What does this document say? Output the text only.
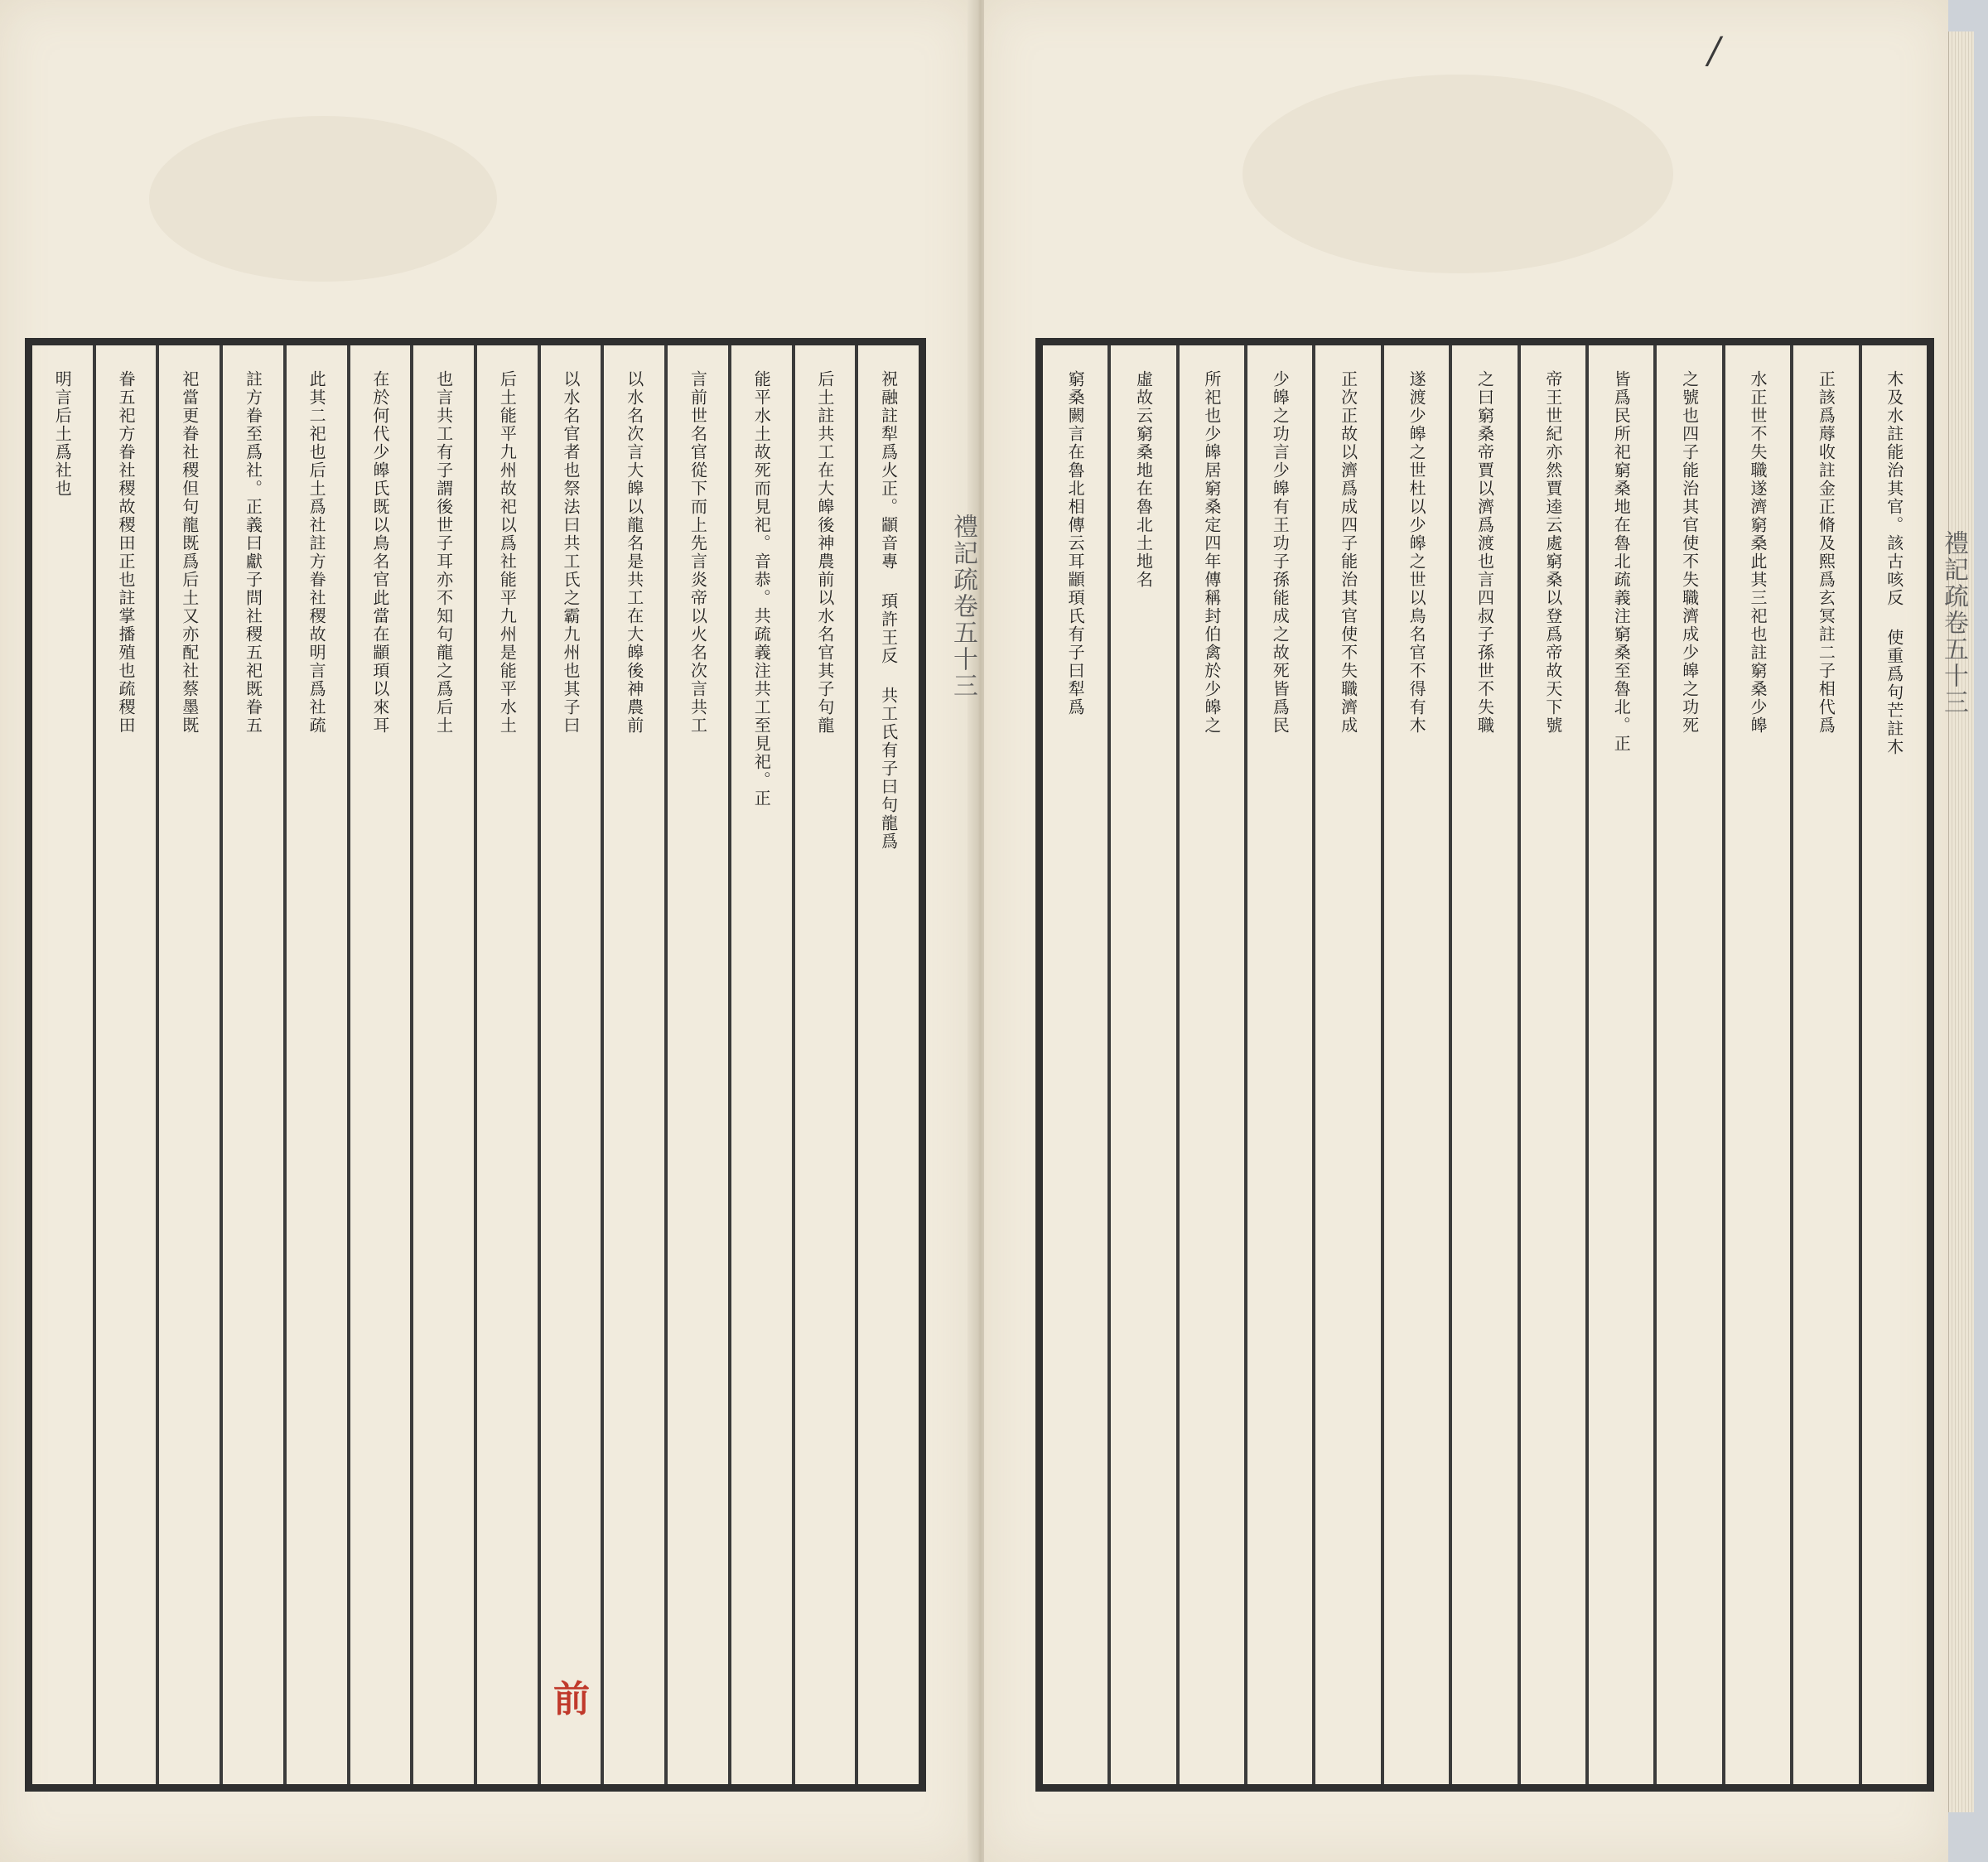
/
祝融註犁爲火正。顓音專 頊許王反 共工氏有子曰句龍爲
后土註共工在大皞後神農前以水名官其子句龍
能平水土故死而見祀。音恭。共疏義注共工至見祀。正
言前世名官從下而上先言炎帝以火名次言共工
以水名次言大皞以龍名是共工在大皞後神農前
以水名官者也祭法曰共工氏之霸九州也其子曰
后土能平九州故祀以爲社能平九州是能平水土
也言共工有子謂後世子耳亦不知句龍之爲后土
在於何代少皞氏既以鳥名官此當在顓頊以來耳
此其二祀也后土爲社註方眷社稷故明言爲社疏
註方眷至爲社。正義曰獻子問社稷五祀既眷五
祀當更眷社稷但句龍既爲后土又亦配社蔡墨既
眷五祀方眷社稷故稷田正也註掌播殖也疏稷田
明言后土爲社也	木及水註能治其官。該古咳反 使重爲句芒註木
正該爲蓐收註金正脩及熙爲玄冥註二子相代爲
水正世不失職遂濟窮桑此其三祀也註窮桑少皞
之號也四子能治其官使不失職濟成少皞之功死
皆爲民所祀窮桑地在魯北疏義注窮桑至魯北。正
帝王世紀亦然賈逵云處窮桑以登爲帝故天下號
之曰窮桑帝賈以濟爲渡也言四叔子孫世不失職
遂渡少皞之世杜以少皞之世以鳥名官不得有木
正次正故以濟爲成四子能治其官使不失職濟成
少皞之功言少皞有王功子孫能成之故死皆爲民
所祀也少皞居窮桑定四年傳稱封伯禽於少皞之
虛故云窮桑地在魯北土地名
窮桑闕言在魯北相傳云耳顓頊氏有子曰犁爲
禮記疏卷五十三	禮記疏卷五十三
前
